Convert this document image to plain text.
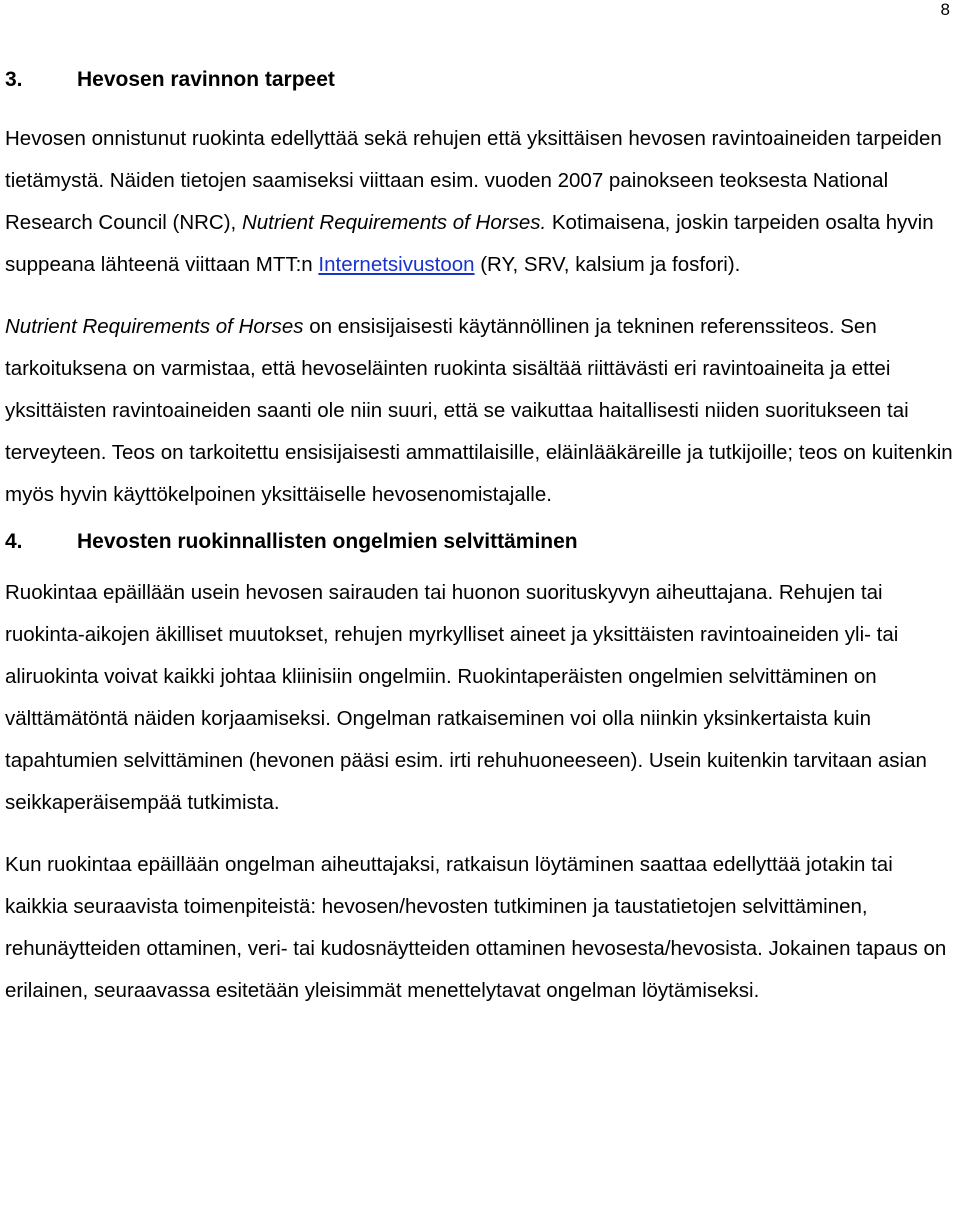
8
3.	Hevosen ravinnon tarpeet

Hevosen onnistunut ruokinta edellyttää sekä rehujen että yksittäisen hevosen ravintoaineiden tarpeiden tietämystä. Näiden tietojen saamiseksi viittaan esim. vuoden 2007 painokseen teoksesta National Research Council (NRC), Nutrient Requirements of Horses. Kotimaisena, joskin tarpeiden osalta hyvin suppeana lähteenä viittaan MTT:n Internetsivustoon (RY, SRV, kalsium ja fosfori).

Nutrient Requirements of Horses on ensisijaisesti käytännöllinen ja tekninen referenssiteos. Sen tarkoituksena on varmistaa, että hevoseläinten ruokinta sisältää riittävästi eri ravintoaineita ja ettei yksittäisten ravintoaineiden saanti ole niin suuri, että se vaikuttaa haitallisesti niiden suoritukseen tai terveyteen. Teos on tarkoitettu ensisijaisesti ammattilaisille, eläinlääkäreille ja tutkijoille; teos on kuitenkin myös hyvin käyttökelpoinen yksittäiselle hevosenomistajalle.

4.	Hevosten ruokinnallisten ongelmien selvittäminen

Ruokintaa epäillään usein hevosen sairauden tai huonon suorituskyvyn aiheuttajana. Rehujen tai ruokinta-aikojen äkilliset muutokset, rehujen myrkylliset aineet ja yksittäisten ravintoaineiden yli- tai aliruokinta voivat kaikki johtaa kliinisiin ongelmiin. Ruokintaperäisten ongelmien selvittäminen on välttämätöntä näiden korjaamiseksi. Ongelman ratkaiseminen voi olla niinkin yksinkertaista kuin tapahtumien selvittäminen (hevonen pääsi esim. irti rehuhuoneeseen). Usein kuitenkin tarvitaan asian seikkaperäisempää tutkimista.

Kun ruokintaa epäillään ongelman aiheuttajaksi, ratkaisun löytäminen saattaa edellyttää jotakin tai kaikkia seuraavista toimenpiteistä: hevosen/hevosten tutkiminen ja taustatietojen selvittäminen, rehunäytteiden ottaminen, veri- tai kudosnäytteiden ottaminen hevosesta/hevosista. Jokainen tapaus on erilainen, seuraavassa esitetään yleisimmät menettelytavat ongelman löytämiseksi.
